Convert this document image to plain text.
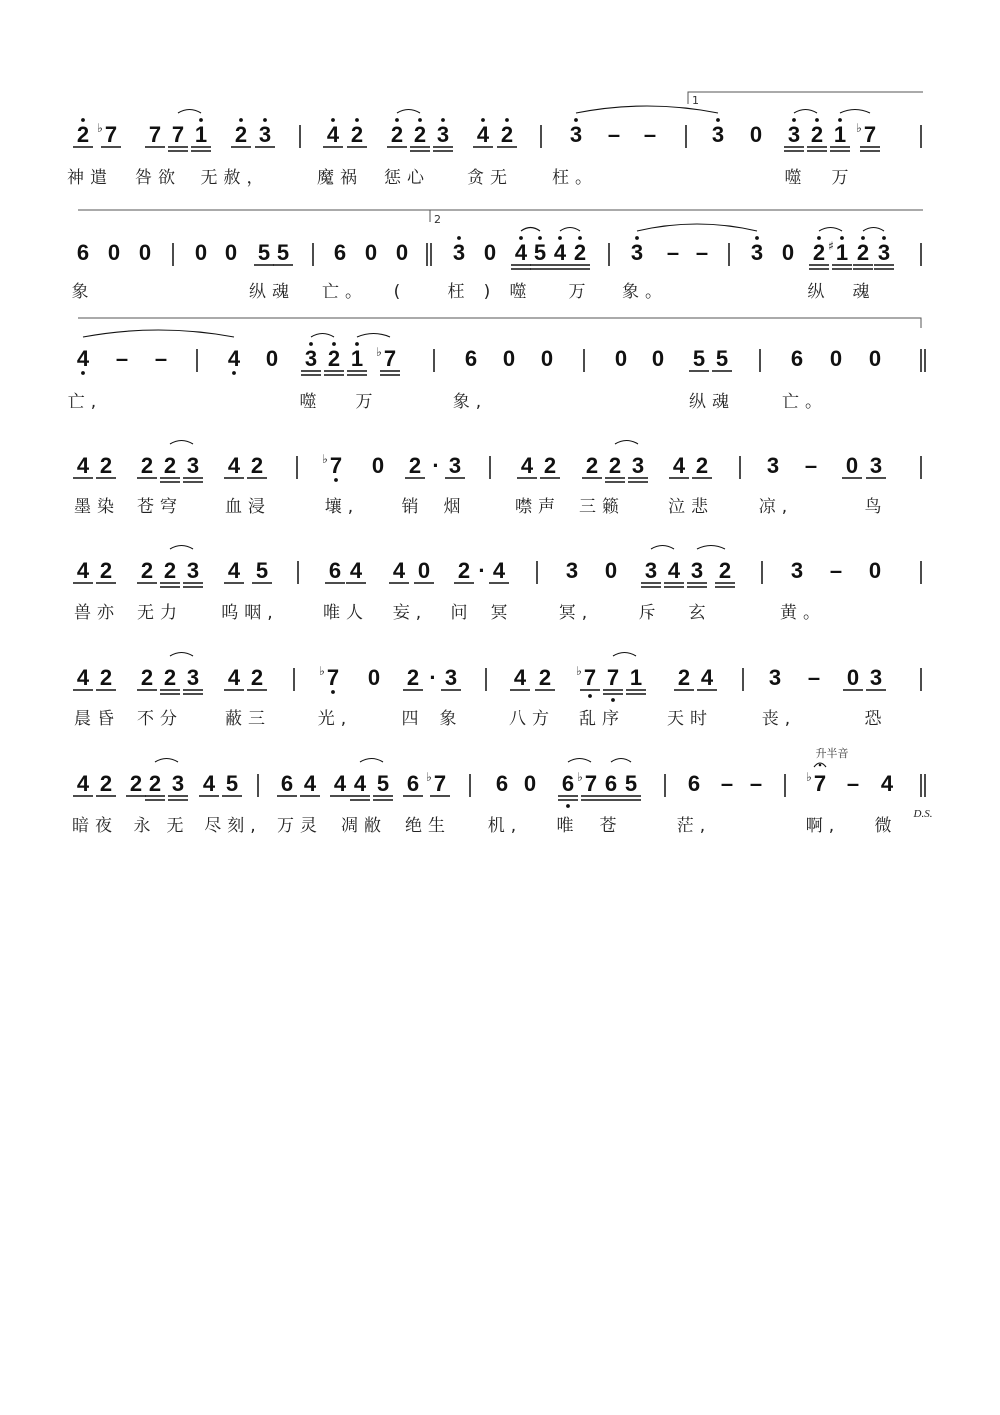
1
2
2 7
♭ 7 7 1 2 3	4 2 2 2 3 4 2	3 – –	3 0 3 2 1 7
♭
神遣 咎欲 无赦，	魔祸 惩心 贪无 枉。	噬 万
6 0 0 0 0 5 5 6 0 0 3 0 4 5 4 2 3 – – 3 0 2 1
♯ 2 3
象	纵魂 亡。 ( 枉 ) 噬 万 象。	纵 魂
4 – –	4 0 3 2 1 7
♭	6 0 0	0 0 5 5	6 0 0
亡,	噬 万	象,	纵魂	亡。
4 2 2 2 3 4 2	7
♭ 0 2 · 3	4 2 2 2 3 4 2	3 – 0 3
墨染 苍穹 血浸	壤, 销 烟	噤声 三籁	泣悲	凉,	鸟
4 2 2 2 3 4 5	6 4 4 0 2 · 4	3 0 3 4 3 2	3 – 0
兽亦 无力 呜咽,	唯人 妄, 问 冥	冥,	斥 玄	黄。
4 2 2 2 3 4 2	7
♭ 0 2 · 3	4 2 7
♭ 7 1 2 4	3 – 0 3
晨昏 不分 蔽三	光,	四 象	八方 乱序 天时	丧,	恐
4 2 2 2 3 4 5 6 4 4 4 5 6 7
♭	6 0 6 7
♭ 6 5 6 – – 7
♭ – 4
暗夜 永 无 尽刻, 万灵 凋敝 绝生 机, 唯 苍	茫,	啊, 微
升半音
D.S.
